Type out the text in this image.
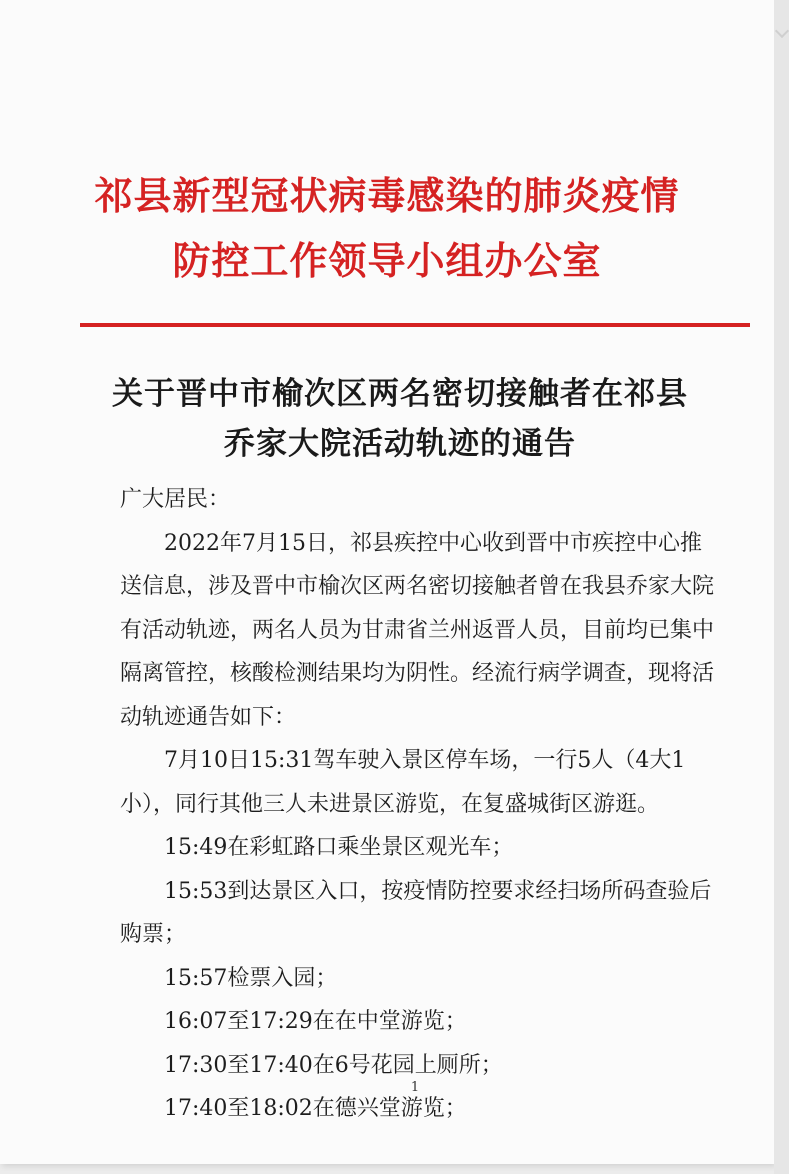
祁县新型冠状病毒感染的肺炎疫情
防控工作领导小组办公室
关于晋中市榆次区两名密切接触者在祁县
乔家大院活动轨迹的通告

广大居民：

2022年7月15日，祁县疾控中心收到晋中市疾控中心推送信息，涉及晋中市榆次区两名密切接触者曾在我县乔家大院有活动轨迹，两名人员为甘肃省兰州返晋人员，目前均已集中隔离管控，核酸检测结果均为阴性。经流行病学调查，现将活动轨迹通告如下：

7月10日15:31驾车驶入景区停车场，一行5人（4大1小），同行其他三人未进景区游览，在复盛城街区游逛。

15:49在彩虹路口乘坐景区观光车；

15:53到达景区入口，按疫情防控要求经扫场所码查验后购票；

15:57检票入园；

16:07至17:29在在中堂游览；

17:30至17:40在6号花园上厕所；

17:40至18:02在德兴堂游览；

1
